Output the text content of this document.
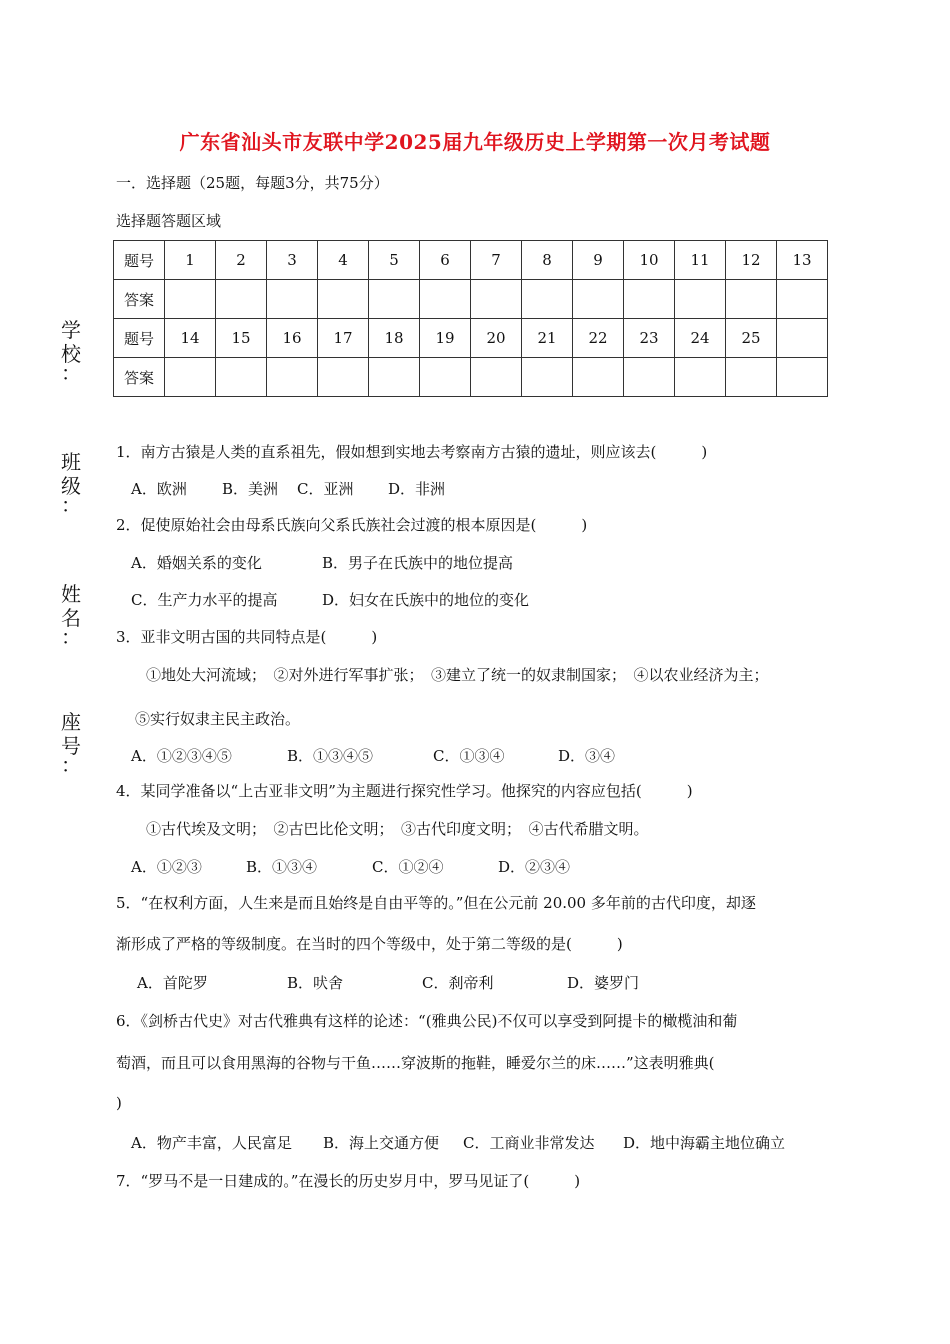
广东省汕头市友联中学2025届九年级历史上学期第一次月考试题
一．选择题（25题，每题3分，共75分）
选择题答题区域
题号	1	2	3	4	5	6	7	8	9	10	11	12	13
答案													
题号	14	15	16	17	18	19	20	21	22	23	24	25	
答案													
学
校
：
班
级
：
姓
名
：
座
号
：
1．南方古猿是人类的直系祖先，假如想到实地去考察南方古猿的遗址，则应该去(　　　)
A．欧洲 B．美洲 C．亚洲 D．非洲
2．促使原始社会由母系氏族向父系氏族社会过渡的根本原因是(　　　)
A．婚姻关系的变化	B．男子在氏族中的地位提高
C．生产力水平的提高	D．妇女在氏族中的地位的变化
3．亚非文明古国的共同特点是(　　　)
①地处大河流域；　②对外进行军事扩张；　③建立了统一的奴隶制国家；　④以农业经济为主；
⑤实行奴隶主民主政治。
A．①②③④⑤	B．①③④⑤	C．①③④	D．③④
4．某同学准备以“上古亚非文明”为主题进行探究性学习。他探究的内容应包括(　　　)
①古代埃及文明；　②古巴比伦文明；　③古代印度文明；　④古代希腊文明。
A．①②③	B．①③④	C．①②④	D．②③④
5．“在权利方面，人生来是而且始终是自由平等的。”但在公元前 20.00 多年前的古代印度，却逐
渐形成了严格的等级制度。在当时的四个等级中，处于第二等级的是(　　　)
A．首陀罗	B．吠舍	C．刹帝利	D．婆罗门
6．《剑桥古代史》对古代雅典有这样的论述：“(雅典公民)不仅可以享受到阿提卡的橄榄油和葡
萄酒，而且可以食用黑海的谷物与干鱼……穿波斯的拖鞋，睡爱尔兰的床……”这表明雅典(
)
A．物产丰富，人民富足 B．海上交通方便 C．工商业非常发达 D．地中海霸主地位确立
7．“罗马不是一日建成的。”在漫长的历史岁月中，罗马见证了(　　　)
